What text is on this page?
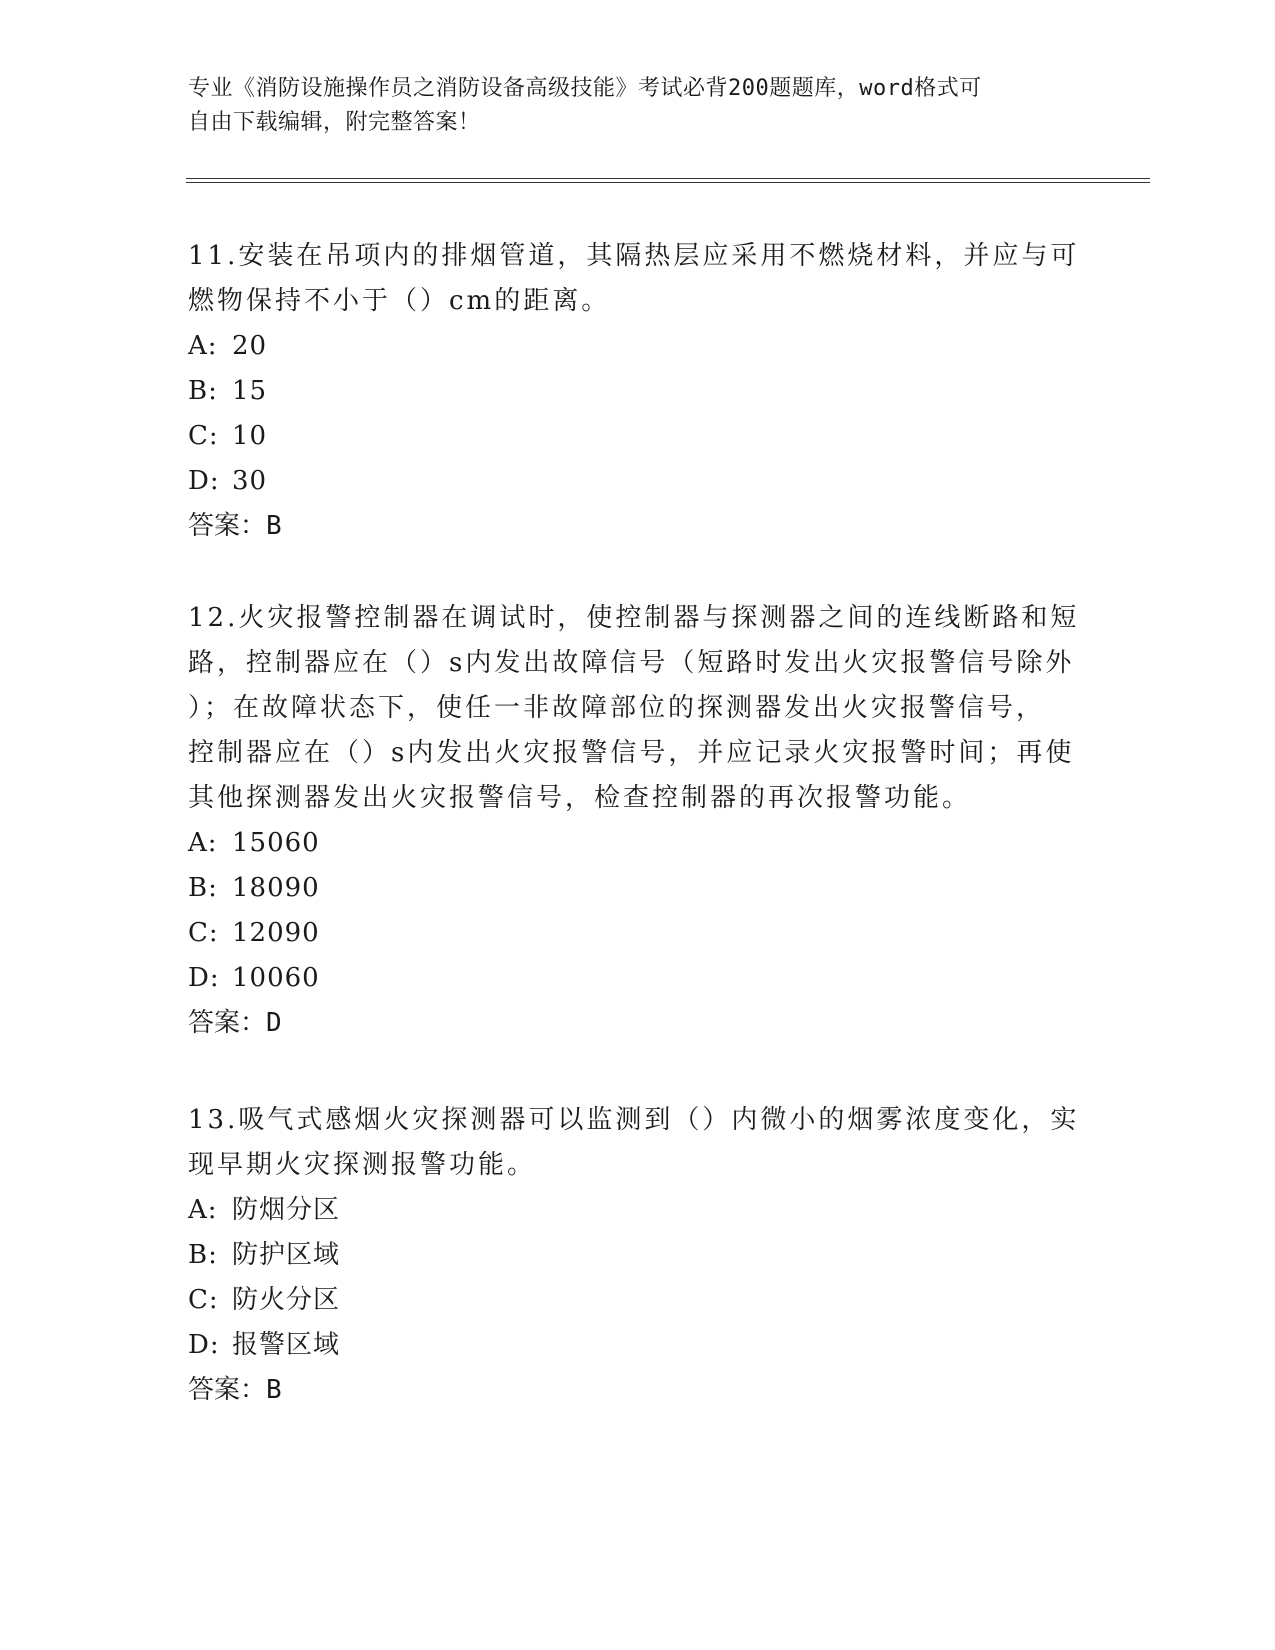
专业《消防设施操作员之消防设备高级技能》考试必背200题题库，word格式可
自由下载编辑，附完整答案！
11.安装在吊项内的排烟管道，其隔热层应采用不燃烧材料，并应与可
燃物保持不小于（）cm的距离。
A: 20
B: 15
C: 10
D: 30
答案：B
12.火灾报警控制器在调试时，使控制器与探测器之间的连线断路和短
路，控制器应在（）s内发出故障信号（短路时发出火灾报警信号除外
）；在故障状态下，使任一非故障部位的探测器发出火灾报警信号，
控制器应在（）s内发出火灾报警信号，并应记录火灾报警时间；再使
其他探测器发出火灾报警信号，检查控制器的再次报警功能。
A: 15060
B: 18090
C: 12090
D: 10060
答案：D
13.吸气式感烟火灾探测器可以监测到（）内微小的烟雾浓度变化，实
现早期火灾探测报警功能。
A: 防烟分区
B: 防护区域
C: 防火分区
D: 报警区域
答案：B
